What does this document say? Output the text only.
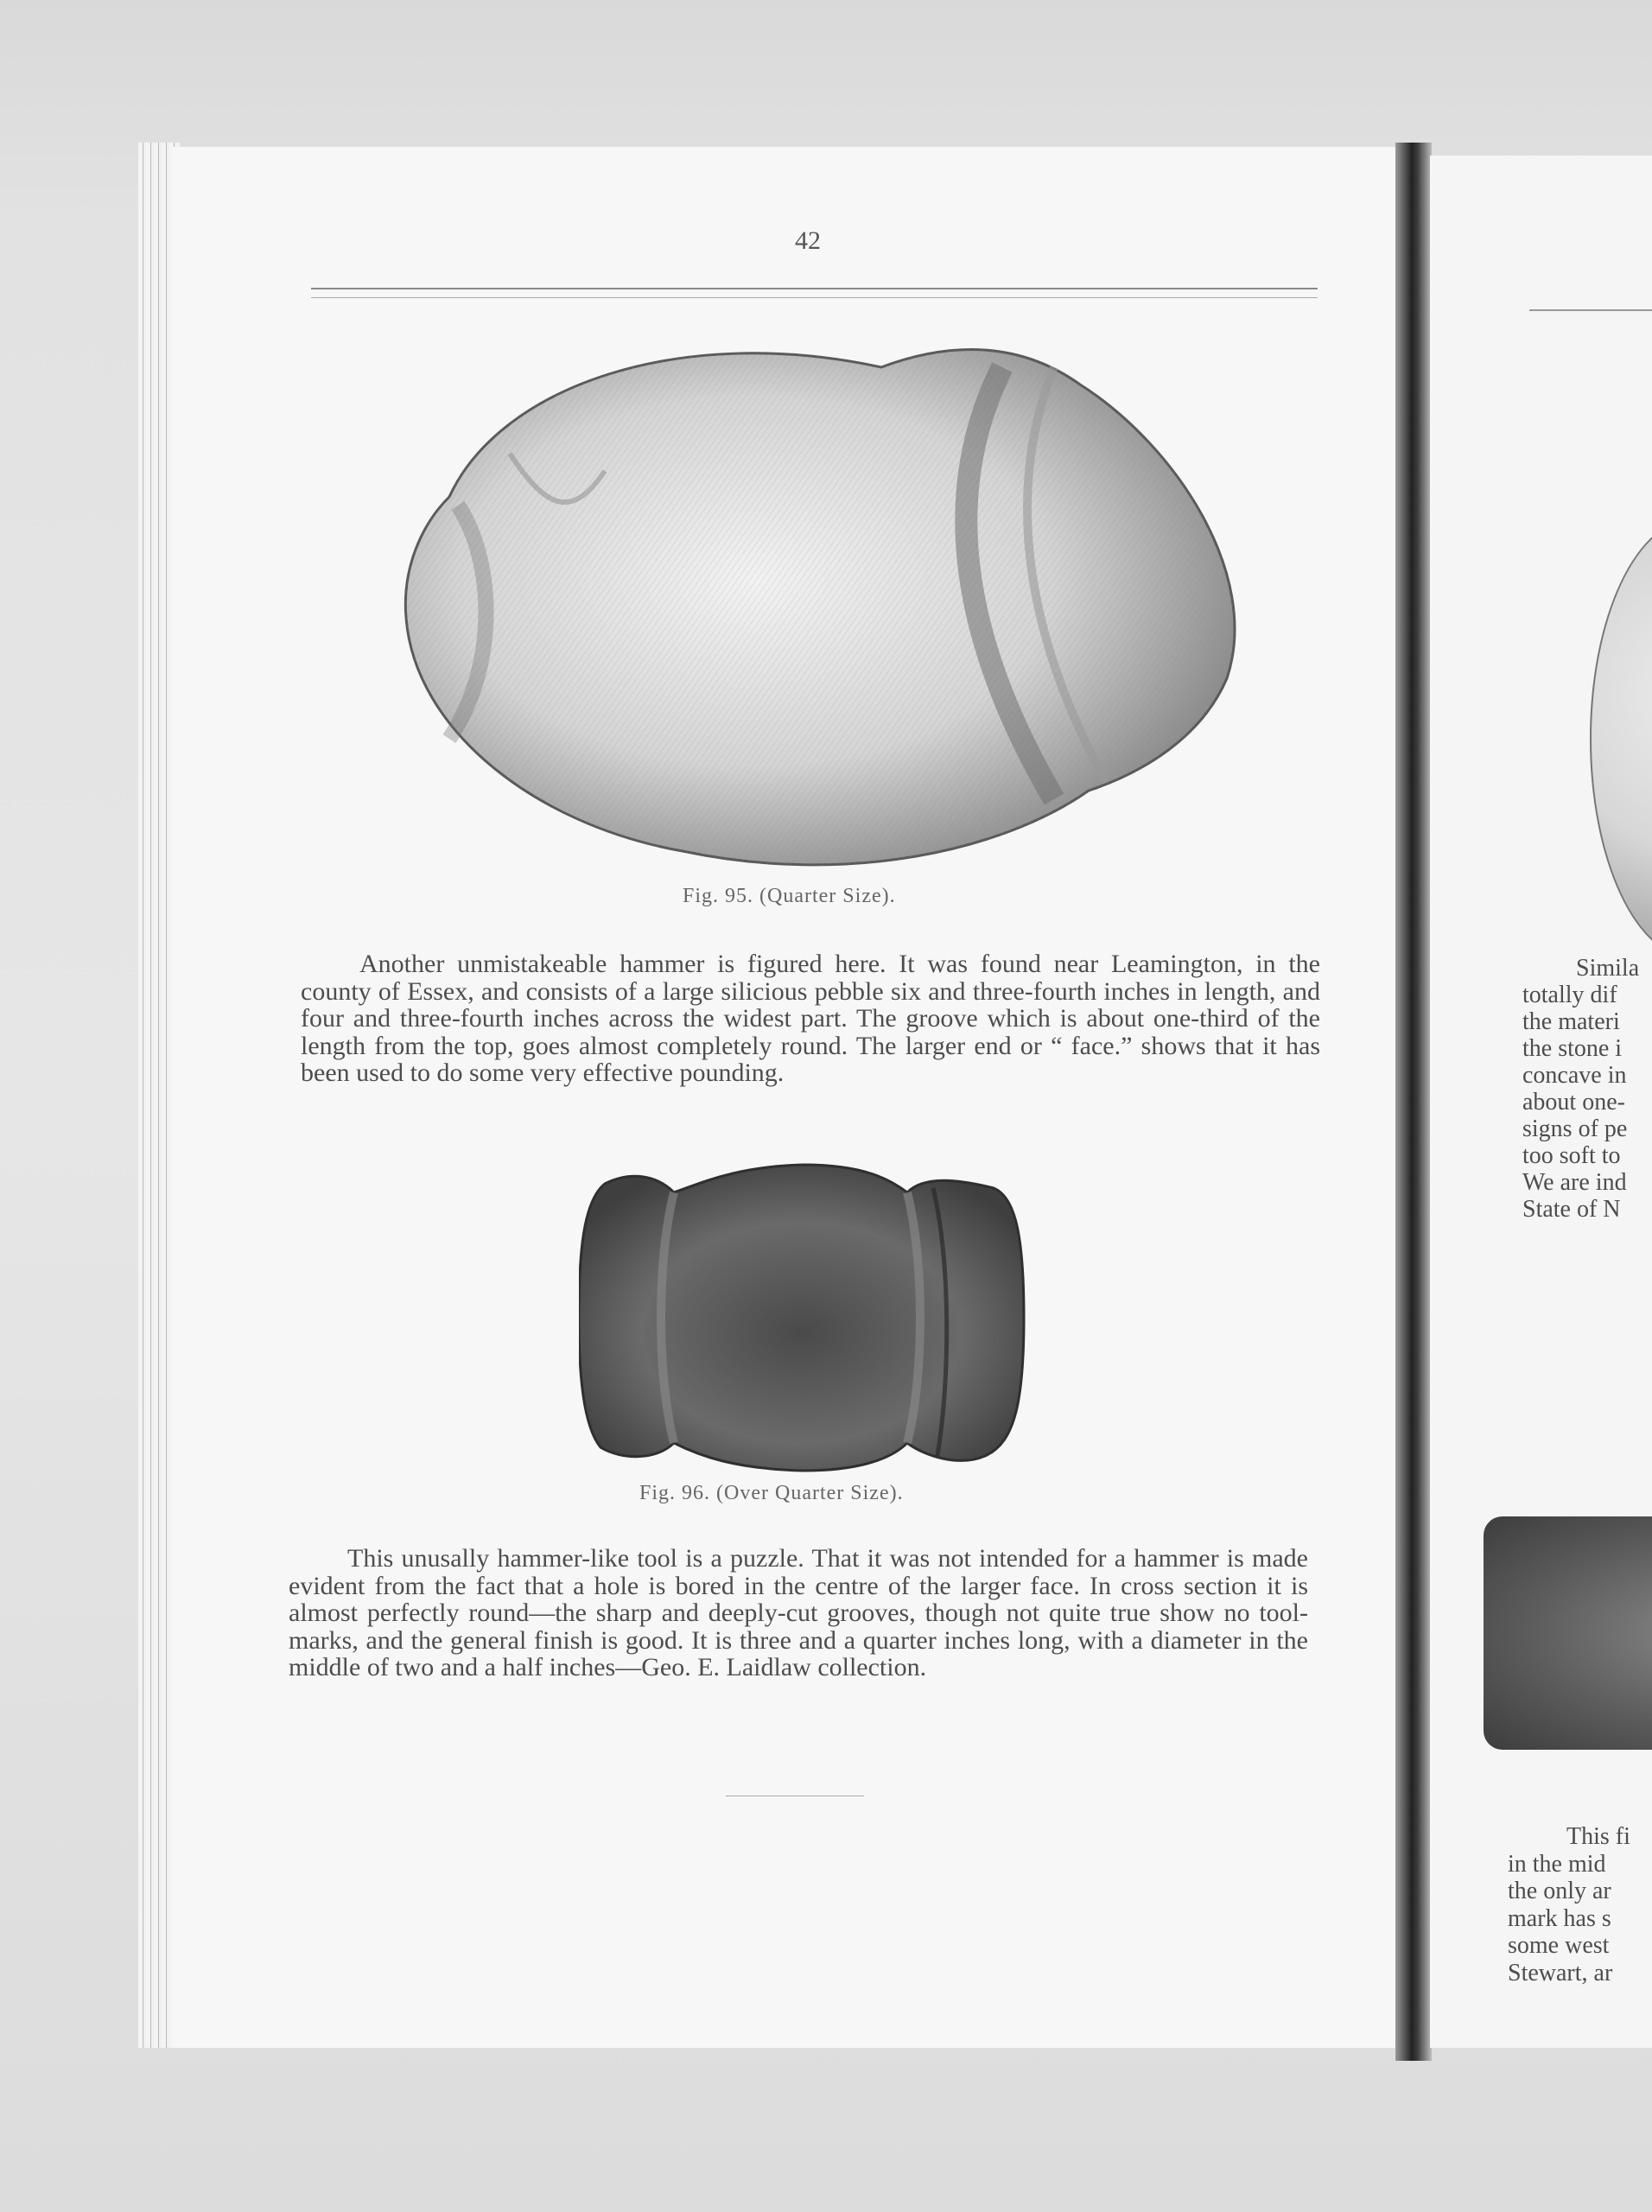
42
Fig. 95. (Quarter Size).

Another unmistakeable hammer is figured here. It was found near Leamington, in the county of Essex, and consists of a large silicious pebble six and three-fourth inches in length, and four and three-fourth inches across the widest part. The groove which is about one-third of the length from the top, goes almost completely round. The larger end or “ face.” shows that it has been used to do some very effective pounding.

Fig. 96. (Over Quarter Size).

This unusally hammer-like tool is a puzzle. That it was not intended for a hammer is made evident from the fact that a hole is bored in the centre of the larger face. In cross section it is almost perfectly round—the sharp and deeply-cut grooves, though not quite true show no tool-marks, and the general finish is good. It is three and a quarter inches long, with a diameter in the middle of two and a half inches—Geo. E. Laidlaw collection.

Simila
totally dif
the materi
the stone i
concave in
about one-
signs of pe
too soft to
We are ind
State of N
This fi
in the mid
the only ar
mark has s
some west
Stewart, ar
